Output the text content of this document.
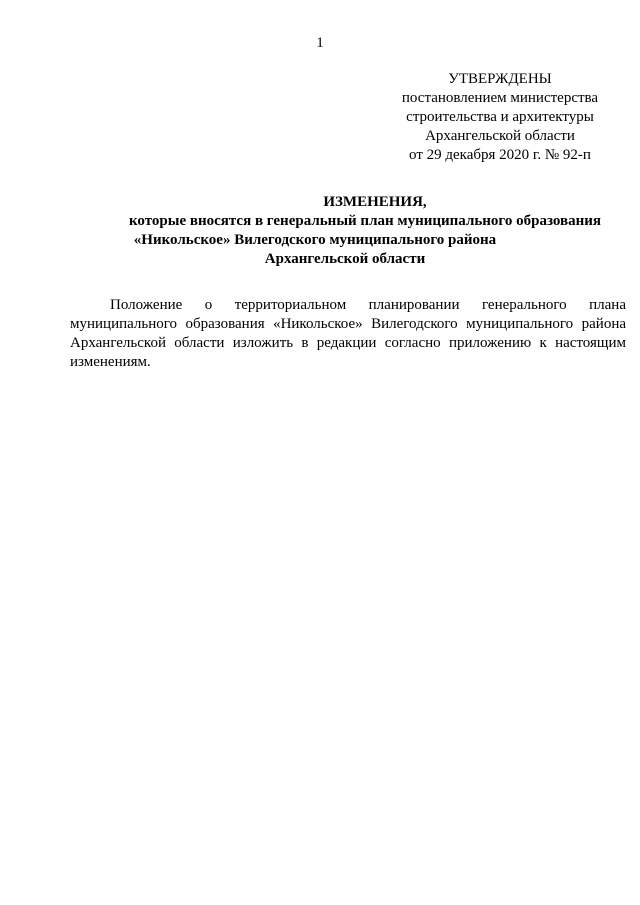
1
УТВЕРЖДЕНЫ
постановлением министерства
строительства и архитектуры
Архангельской области
от 29 декабря 2020 г. № 92-п
ИЗМЕНЕНИЯ,
которые вносятся в генеральный план муниципального образования
«Никольское» Вилегодского муниципального района
Архангельской области

Положение о территориальном планировании генерального плана муниципального образования «Никольское» Вилегодского муниципального района Архангельской области изложить в редакции согласно приложению к настоящим изменениям.
